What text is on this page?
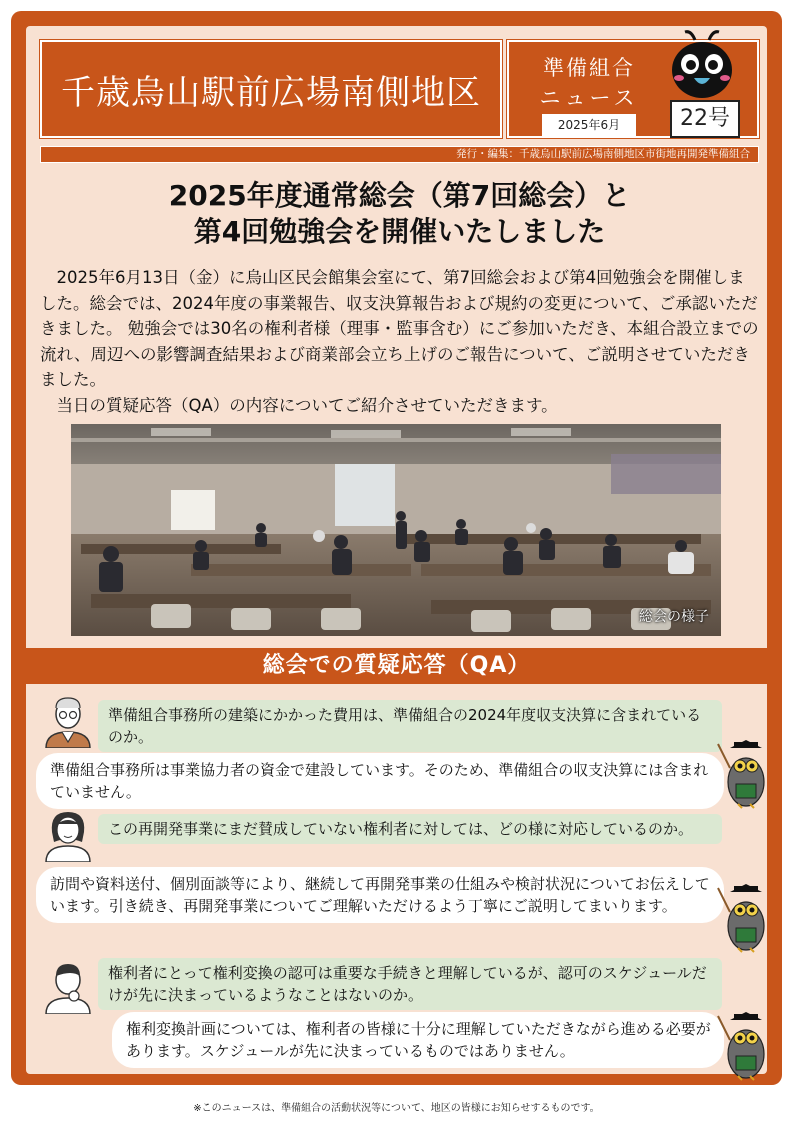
千歳烏山駅前広場南側地区
準備組合
ニュース
2025年6月	22号
発行・編集：千歳烏山駅前広場南側地区市街地再開発準備組合
2025年度通常総会（第7回総会）と
第4回勉強会を開催いたしました

2025年6月13日（金）に烏山区民会館集会室にて、第7回総会および第4回勉強会を開催しました。総会では、2024年度の事業報告、収支決算報告および規約の変更について、ご承認いただきました。 勉強会では30名の権利者様（理事・監事含む）にご参加いただき、本組合設立までの流れ、周辺への影響調査結果および商業部会立ち上げのご報告について、ご説明させていただきました。

当日の質疑応答（QA）の内容についてご紹介させていただきます。

総会の様子
総会での質疑応答（QA）
準備組合事務所の建築にかかった費用は、準備組合の2024年度収支決算に含まれているのか。
準備組合事務所は事業協力者の資金で建設しています。そのため、準備組合の収支決算には含まれていません。
この再開発事業にまだ賛成していない権利者に対しては、どの様に対応しているのか。
訪問や資料送付、個別面談等により、継続して再開発事業の仕組みや検討状況についてお伝えしています。引き続き、再開発事業についてご理解いただけるよう丁寧にご説明してまいります。
権利者にとって権利変換の認可は重要な手続きと理解しているが、認可のスケジュールだけが先に決まっているようなことはないのか。
権利変換計画については、権利者の皆様に十分に理解していただきながら進める必要があります。スケジュールが先に決まっているものではありません。
※このニュースは、準備組合の活動状況等について、地区の皆様にお知らせするものです。
